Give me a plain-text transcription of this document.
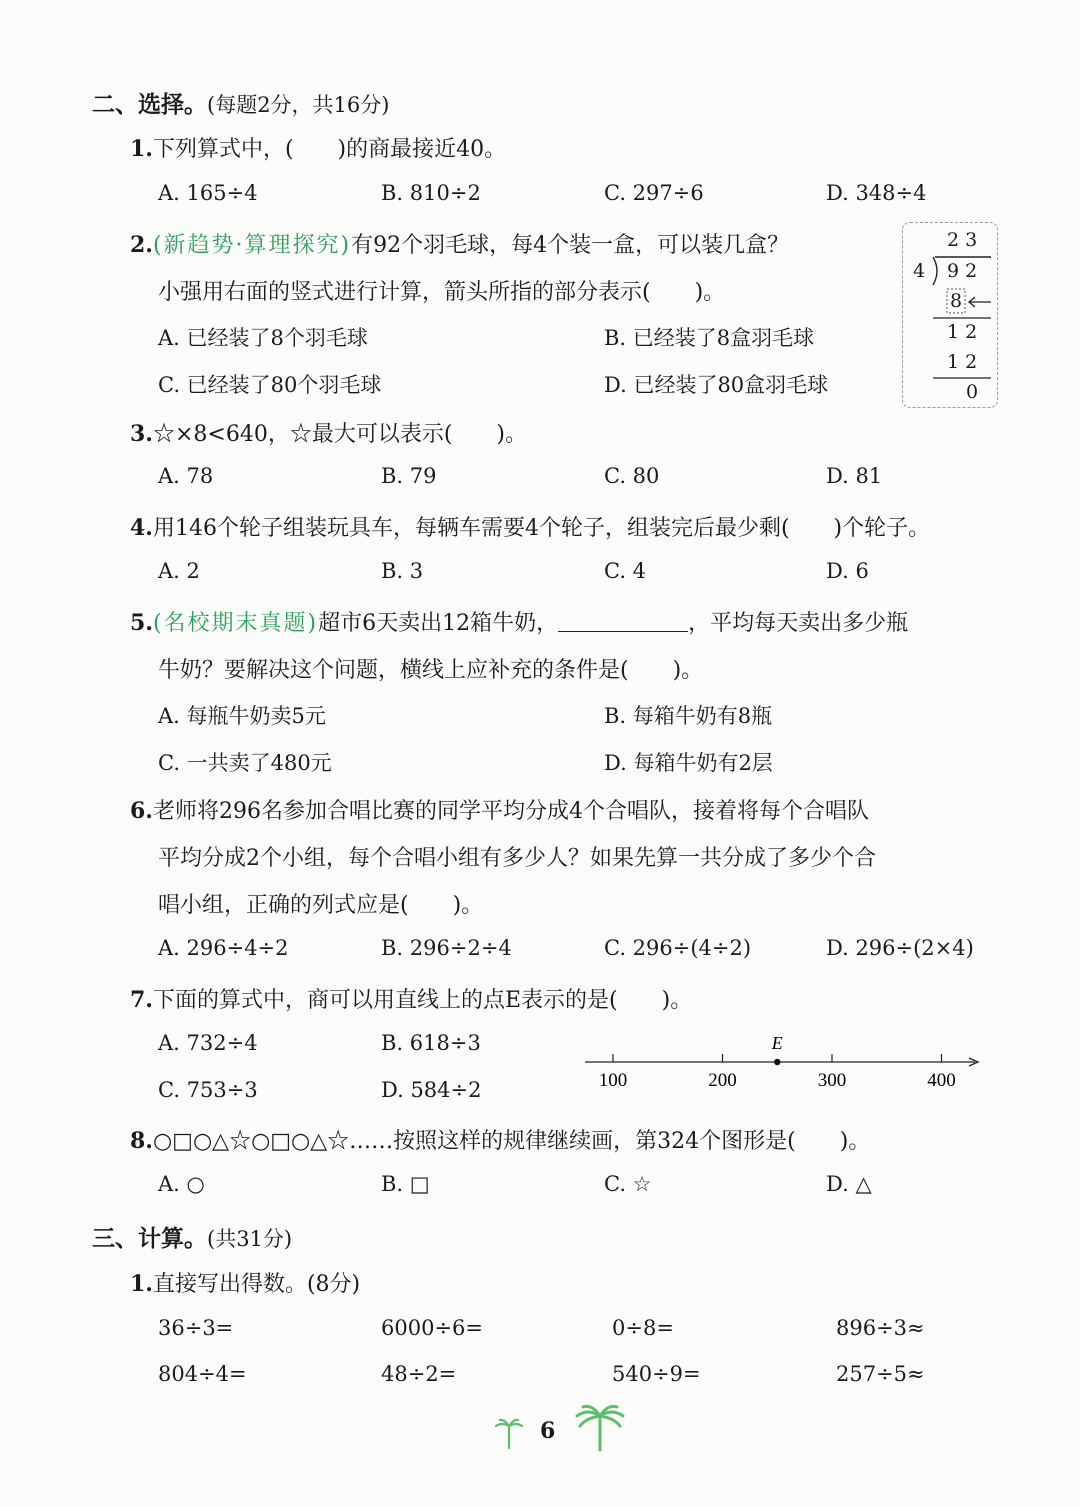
二、选择。(每题2分，共16分)
1.下列算式中，(　　)的商最接近40。
A. 165÷4	B. 810÷2	C. 297÷6	D. 348÷4
2.(新趋势·算理探究)有92个羽毛球，每4个装一盒，可以装几盒？
小强用右面的竖式进行计算，箭头所指的部分表示(　　)。
A. 已经装了8个羽毛球	B. 已经装了8盒羽毛球
C. 已经装了80个羽毛球	D. 已经装了80盒羽毛球
2 3
4 9 2
8
1 2
1 2
0
3.☆×8<640，☆最大可以表示(　　)。
A. 78	B. 79	C. 80	D. 81
4.用146个轮子组装玩具车，每辆车需要4个轮子，组装完后最少剩(　　)个轮子。
A. 2	B. 3	C. 4	D. 6
5.(名校期末真题)超市6天卖出12箱牛奶，	，平均每天卖出多少瓶
牛奶？要解决这个问题，横线上应补充的条件是(　　)。
A. 每瓶牛奶卖5元	B. 每箱牛奶有8瓶
C. 一共卖了480元	D. 每箱牛奶有2层
6.老师将296名参加合唱比赛的同学平均分成4个合唱队，接着将每个合唱队
平均分成2个小组，每个合唱小组有多少人？如果先算一共分成了多少个合
唱小组，正确的列式应是(　　)。
A. 296÷4÷2	B. 296÷2÷4	C. 296÷(4÷2)	D. 296÷(2×4)
7.下面的算式中，商可以用直线上的点E表示的是(　　)。
A. 732÷4	B. 618÷3
C. 753÷3	D. 584÷2	100	200	300	400
E
8.○□○△☆○□○△☆……按照这样的规律继续画，第324个图形是(　　)。
A. ○	B. □	C. ☆	D. △
三、计算。(共31分)
1.直接写出得数。(8分)
36÷3=	6000÷6=	0÷8=	896÷3≈
804÷4=	48÷2=	540÷9=	257÷5≈
6
